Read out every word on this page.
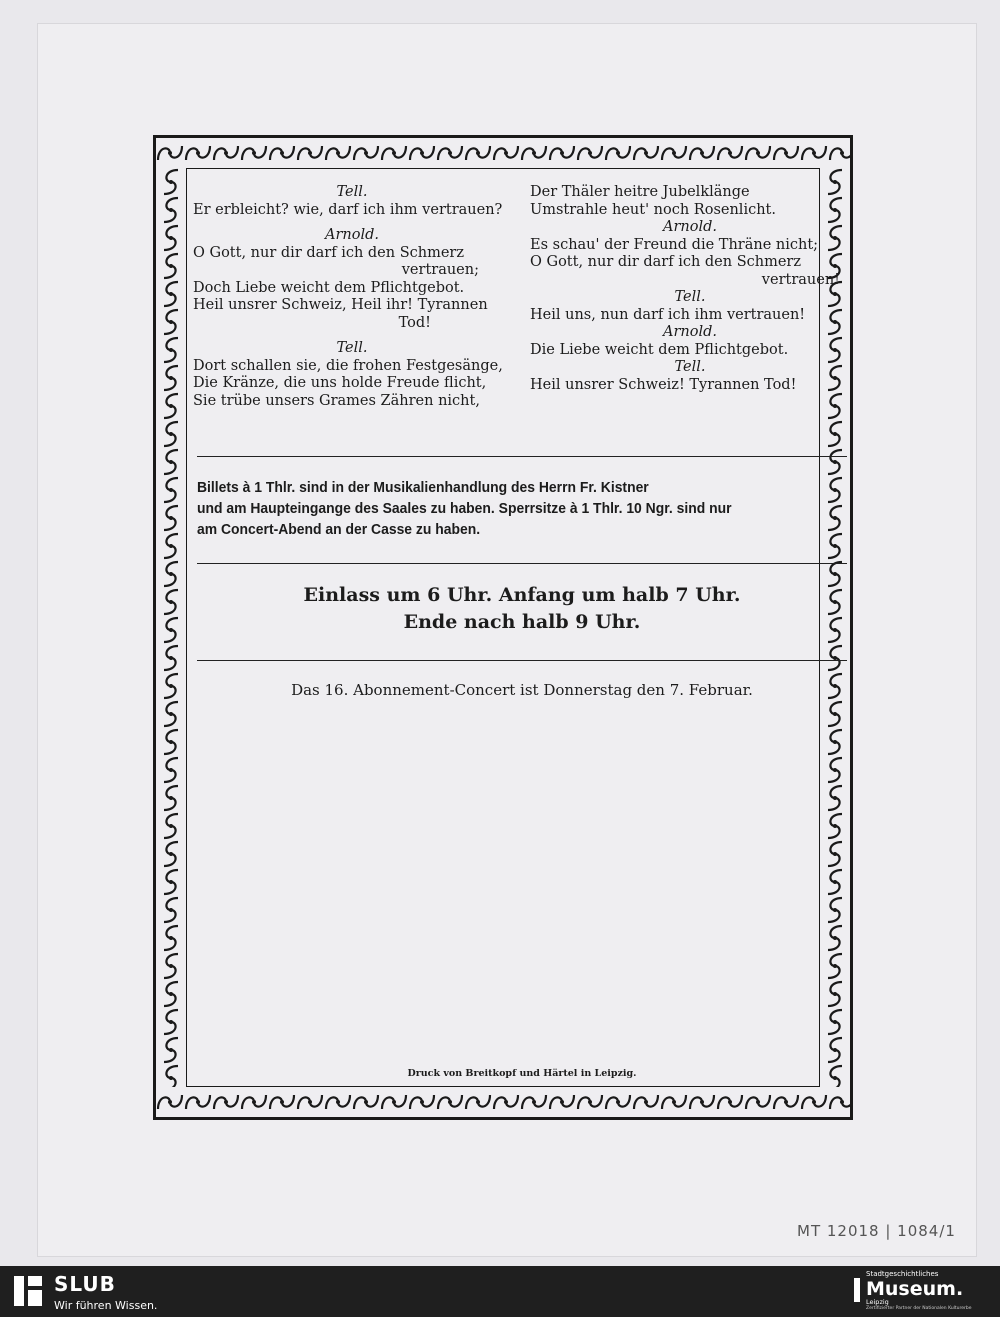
Tell.
Er erbleicht? wie, darf ich ihm vertrauen?
Arnold.
O Gott, nur dir darf ich den Schmerz
vertrauen;
Doch Liebe weicht dem Pflichtgebot.
Heil unsrer Schweiz, Heil ihr! Tyrannen
Tod!
Tell.
Dort schallen sie, die frohen Festgesänge,
Die Kränze, die uns holde Freude flicht,
Sie trübe unsers Grames Zähren nicht,
Der Thäler heitre Jubelklänge
Umstrahle heut' noch Rosenlicht.
Arnold.
Es schau' der Freund die Thräne nicht;
O Gott, nur dir darf ich den Schmerz
vertrauen!
Tell.
Heil uns, nun darf ich ihm vertrauen!
Arnold.
Die Liebe weicht dem Pflichtgebot.
Tell.
Heil unsrer Schweiz! Tyrannen Tod!
Billets à 1 Thlr. sind in der Musikalienhandlung des Herrn Fr. Kistner
und am Haupteingange des Saales zu haben. Sperrsitze à 1 Thlr. 10 Ngr. sind nur
am Concert-Abend an der Casse zu haben.
Einlass um 6 Uhr. Anfang um halb 7 Uhr.
Ende nach halb 9 Uhr.
Das 16. Abonnement-Concert ist Donnerstag den 7. Februar.
Druck von Breitkopf und Härtel in Leipzig.
MT 12018 | 1084/1
SLUB
Wir führen Wissen.
Stadtgeschichtliches
Museum.
Leipzig
Zertifizierter Partner der Nationalen Kulturerbe
